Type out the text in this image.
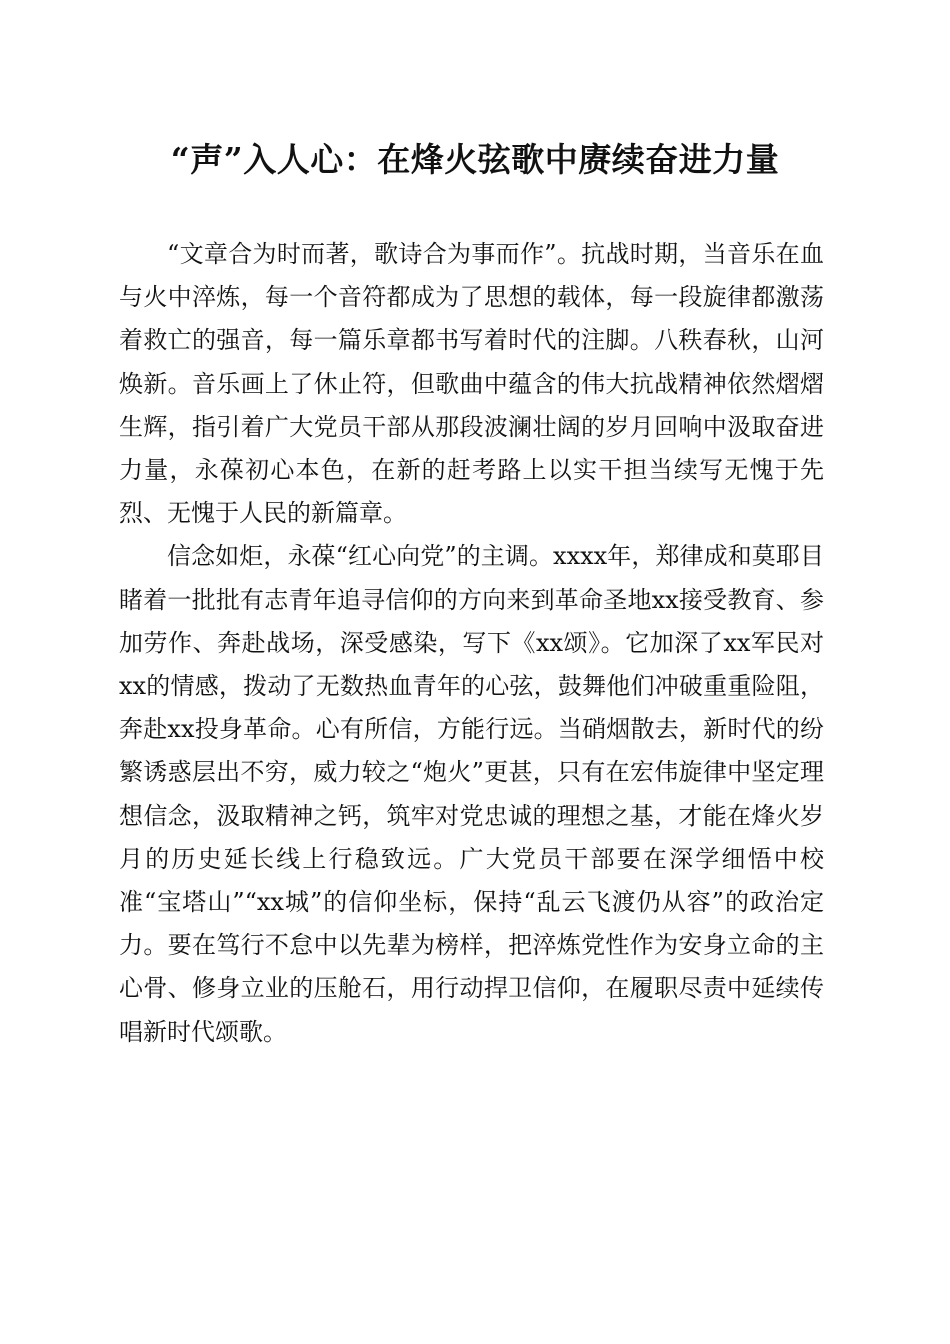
“声”入人心：在烽火弦歌中赓续奋进力量

“文章合为时而著，歌诗合为事而作”。抗战时期，当音乐在血与火中淬炼，每一个音符都成为了思想的载体，每一段旋律都激荡着救亡的强音，每一篇乐章都书写着时代的注脚。八秩春秋，山河焕新。音乐画上了休止符，但歌曲中蕴含的伟大抗战精神依然熠熠生辉，指引着广大党员干部从那段波澜壮阔的岁月回响中汲取奋进力量，永葆初心本色，在新的赶考路上以实干担当续写无愧于先烈、无愧于人民的新篇章。

信念如炬，永葆“红心向党”的主调。xxxx年，郑律成和莫耶目睹着一批批有志青年追寻信仰的方向来到革命圣地xx接受教育、参加劳作、奔赴战场，深受感染，写下《xx颂》。它加深了xx军民对xx的情感，拨动了无数热血青年的心弦，鼓舞他们冲破重重险阻，奔赴xx投身革命。心有所信，方能行远。当硝烟散去，新时代的纷繁诱惑层出不穷，威力较之“炮火”更甚，只有在宏伟旋律中坚定理想信念，汲取精神之钙，筑牢对党忠诚的理想之基，才能在烽火岁月的历史延长线上行稳致远。广大党员干部要在深学细悟中校准“宝塔山”“xx城”的信仰坐标，保持“乱云飞渡仍从容”的政治定力。要在笃行不怠中以先辈为榜样，把淬炼党性作为安身立命的主心骨、修身立业的压舱石，用行动捍卫信仰，在履职尽责中延续传唱新时代颂歌。
